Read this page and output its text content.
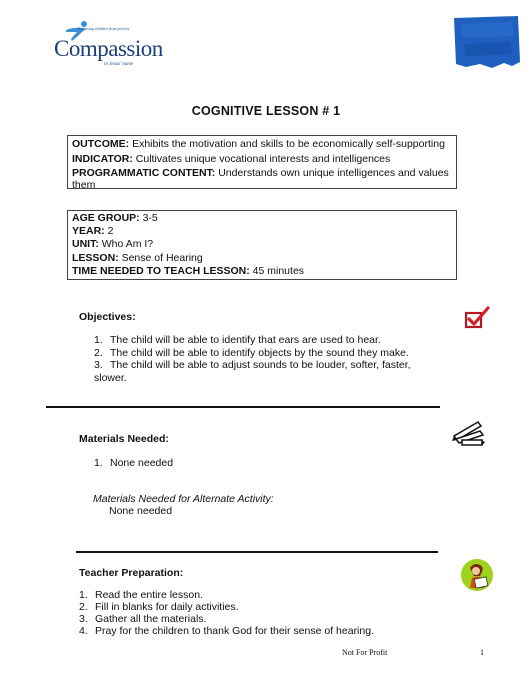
Releasing children from poverty
Compassion
in Jesus' name
COGNITIVE LESSON # 1
OUTCOME: Exhibits the motivation and skills to be economically self-supporting
INDICATOR: Cultivates unique vocational interests and intelligences
PROGRAMMATIC CONTENT: Understands own unique intelligences and values them
AGE GROUP: 3-5
YEAR: 2
UNIT: Who Am I?
LESSON: Sense of Hearing
TIME NEEDED TO TEACH LESSON: 45 minutes
Objectives:
1. The child will be able to identify that ears are used to hear.
2. The child will be able to identify objects by the sound they make.
3. The child will be able to adjust sounds to be louder, softer, faster,
slower.
Materials Needed:
1. None needed
Materials Needed for Alternate Activity:
None needed
Teacher Preparation:
1. Read the entire lesson.
2. Fill in blanks for daily activities.
3. Gather all the materials.
4. Pray for the children to thank God for their sense of hearing.
Not For Profit	1
